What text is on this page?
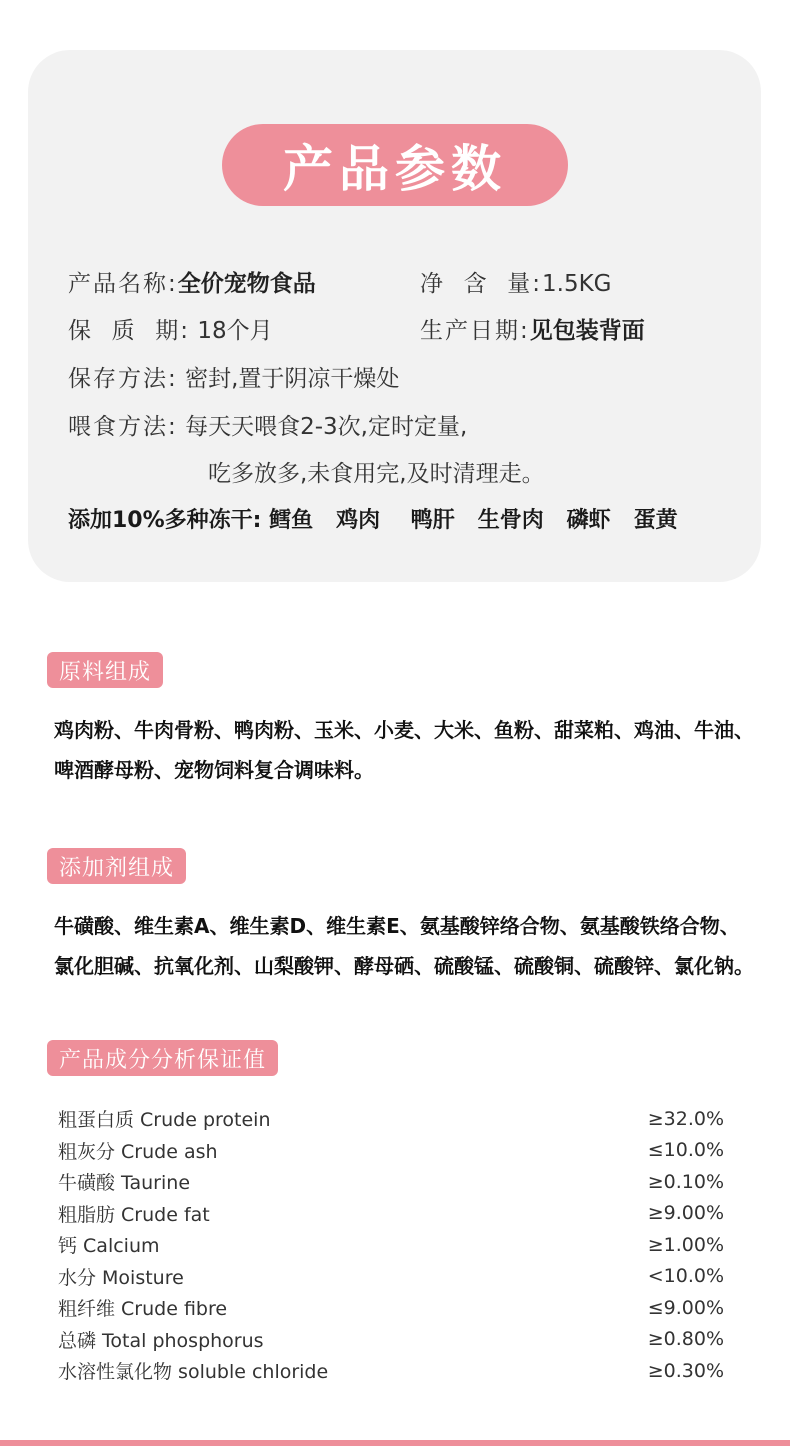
产品参数
产品名称:全价宠物食品	净  含  量:1.5KG
保  质  期: 18个月	生产日期:见包装背面
保存方法: 密封,置于阴凉干燥处
喂食方法: 每天天喂食2-3次,定时定量,
吃多放多,未食用完,及时清理走。
添加10%多种冻干: 鳕鱼   鸡肉    鸭肝   生骨肉   磷虾   蛋黄
原料组成
鸡肉粉、牛肉骨粉、鸭肉粉、玉米、小麦、大米、鱼粉、甜菜粕、鸡油、牛油、啤酒酵母粉、宠物饲料复合调味料。
添加剂组成
牛磺酸、维生素A、维生素D、维生素E、氨基酸锌络合物、氨基酸铁络合物、氯化胆碱、抗氧化剂、山梨酸钾、酵母硒、硫酸锰、硫酸铜、硫酸锌、氯化钠。
产品成分分析保证值
粗蛋白质 Crude protein	≥32.0%
粗灰分 Crude ash	≤10.0%
牛磺酸 Taurine	≥0.10%
粗脂肪 Crude fat	≥9.00%
钙 Calcium	≥1.00%
水分 Moisture	<10.0%
粗纤维 Crude fibre	≤9.00%
总磷 Total phosphorus	≥0.80%
水溶性氯化物 soluble chloride	≥0.30%
